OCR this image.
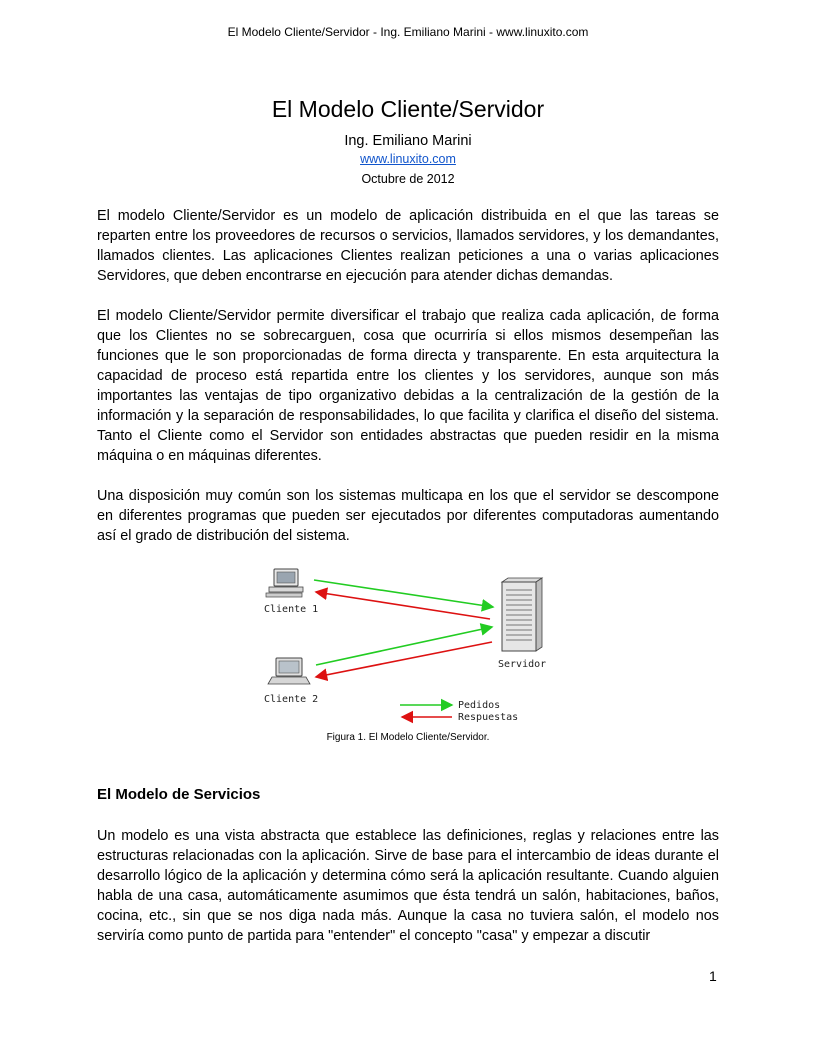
El Modelo Cliente/Servidor - Ing. Emiliano Marini - www.linuxito.com
El Modelo Cliente/Servidor
Ing. Emiliano Marini
www.linuxito.com
Octubre de 2012

El modelo Cliente/Servidor es un modelo de aplicación distribuida en el que las tareas se reparten entre los proveedores de recursos o servicios, llamados servidores, y los demandantes, llamados clientes. Las aplicaciones Clientes realizan peticiones a una o varias aplicaciones Servidores, que deben encontrarse en ejecución para atender dichas demandas.

El modelo Cliente/Servidor permite diversificar el trabajo que realiza cada aplicación, de forma que los Clientes no se sobrecarguen, cosa que ocurriría si ellos mismos desempeñan las funciones que le son proporcionadas de forma directa y transparente. En esta arquitectura la capacidad de proceso está repartida entre los clientes y los servidores, aunque son más importantes las ventajas de tipo organizativo debidas a la centralización de la gestión de la información y la separación de responsabilidades, lo que facilita y clarifica el diseño del sistema. Tanto el Cliente como el Servidor son entidades abstractas que pueden residir en la misma máquina o en máquinas diferentes.

Una disposición muy común son los sistemas multicapa en los que el servidor se descompone en diferentes programas que pueden ser ejecutados por diferentes computadoras aumentando así el grado de distribución del sistema.

Cliente 1
Cliente 2
Servidor
Pedidos
Respuestas
Figura 1. El Modelo Cliente/Servidor.
El Modelo de Servicios

Un modelo es una vista abstracta que establece las definiciones, reglas y relaciones entre las estructuras relacionadas con la aplicación. Sirve de base para el intercambio de ideas durante el desarrollo lógico de la aplicación y determina cómo será la aplicación resultante. Cuando alguien habla de una casa, automáticamente asumimos que ésta tendrá un salón, habitaciones, baños, cocina, etc., sin que se nos diga nada más. Aunque la casa no tuviera salón, el modelo nos serviría como punto de partida para "entender" el concepto "casa" y empezar a discutir

1
